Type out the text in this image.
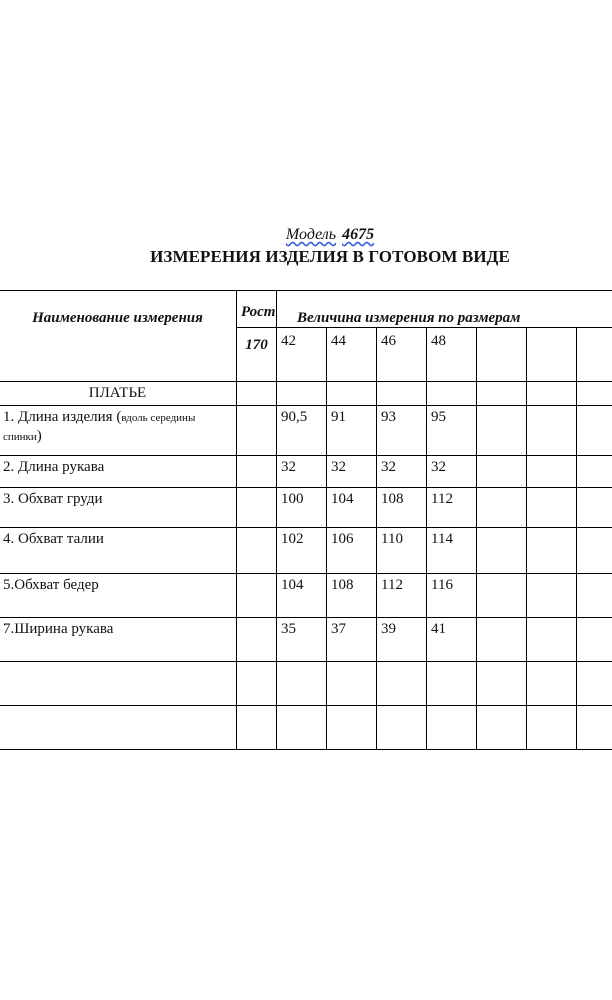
Модель 4675
ИЗМЕРЕНИЯ ИЗДЕЛИЯ В ГОТОВОМ ВИДЕ
Наименование измерения	Рост	Величина измерения по размерам						
	170	42	44	46	48			
ПЛАТЬЕ								
1. Длина изделия (вдоль середины спинки)		90,5	91	93	95			
2. Длина рукава		32	32	32	32			
3. Обхват груди		100	104	108	112			
4. Обхват талии		102	106	110	114			
5.Обхват бедер		104	108	112	116			
7.Ширина рукава		35	37	39	41			
